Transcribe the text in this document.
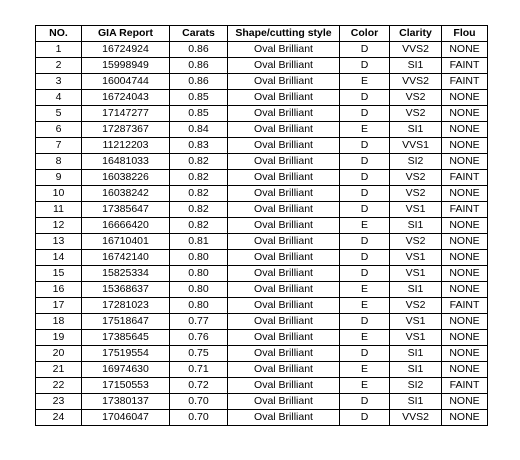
NO.	GIA Report	Carats	Shape/cutting style	Color	Clarity	Flou
1	16724924	0.86	Oval Brilliant	D	VVS2	NONE
2	15998949	0.86	Oval Brilliant	D	SI1	FAINT
3	16004744	0.86	Oval Brilliant	E	VVS2	FAINT
4	16724043	0.85	Oval Brilliant	D	VS2	NONE
5	17147277	0.85	Oval Brilliant	D	VS2	NONE
6	17287367	0.84	Oval Brilliant	E	SI1	NONE
7	11212203	0.83	Oval Brilliant	D	VVS1	NONE
8	16481033	0.82	Oval Brilliant	D	SI2	NONE
9	16038226	0.82	Oval Brilliant	D	VS2	FAINT
10	16038242	0.82	Oval Brilliant	D	VS2	NONE
11	17385647	0.82	Oval Brilliant	D	VS1	FAINT
12	16666420	0.82	Oval Brilliant	E	SI1	NONE
13	16710401	0.81	Oval Brilliant	D	VS2	NONE
14	16742140	0.80	Oval Brilliant	D	VS1	NONE
15	15825334	0.80	Oval Brilliant	D	VS1	NONE
16	15368637	0.80	Oval Brilliant	E	SI1	NONE
17	17281023	0.80	Oval Brilliant	E	VS2	FAINT
18	17518647	0.77	Oval Brilliant	D	VS1	NONE
19	17385645	0.76	Oval Brilliant	E	VS1	NONE
20	17519554	0.75	Oval Brilliant	D	SI1	NONE
21	16974630	0.71	Oval Brilliant	E	SI1	NONE
22	17150553	0.72	Oval Brilliant	E	SI2	FAINT
23	17380137	0.70	Oval Brilliant	D	SI1	NONE
24	17046047	0.70	Oval Brilliant	D	VVS2	NONE
